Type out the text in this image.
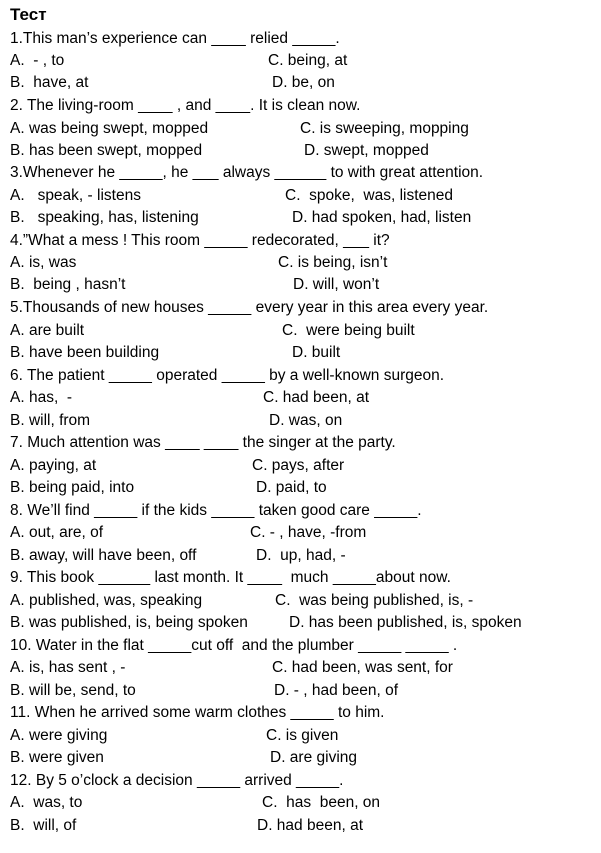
Тест
1.This man’s experience can ____ relied _____.
A.  - , to	C. being, at
B.  have, at	D. be, on
2. The living-room ____ , and ____. It is clean now.
A. was being swept, mopped	C. is sweeping, mopping
B. has been swept, mopped	D. swept, mopped
3.Whenever he _____, he ___ always ______ to with great attention.
A.   speak, - listens	C.  spoke,  was, listened
B.   speaking, has, listening	D. had spoken, had, listen
4.”What a mess ! This room _____ redecorated, ___ it?
A. is, was	C. is being, isn’t
B.  being , hasn’t	D. will, won’t
5.Thousands of new houses _____ every year in this area every year.
A. are built	C.  were being built
B. have been building	D. built
6. The patient _____ operated _____ by a well-known surgeon.
A. has,  -	C. had been, at
B. will, from	D. was, on
7. Much attention was ____ ____ the singer at the party.
A. paying, at	C. pays, after
B. being paid, into	D. paid, to
8. We’ll find _____ if the kids _____ taken good care _____.
A. out, are, of	C. - , have, -from
B. away, will have been, off	D.  up, had, -
9. This book ______ last month. It ____  much _____about now.
A. published, was, speaking	C.  was being published, is, -
B. was published, is, being spoken	D. has been published, is, spoken
10. Water in the flat _____cut off  and the plumber _____ _____ .
A. is, has sent , -	C. had been, was sent, for
B. will be, send, to	D. - , had been, of
11. When he arrived some warm clothes _____ to him.
A. were giving	C. is given
B. were given	D. are giving
12. By 5 o’clock a decision _____ arrived _____.
A.  was, to	C.  has  been, on
B.  will, of	D. had been, at
